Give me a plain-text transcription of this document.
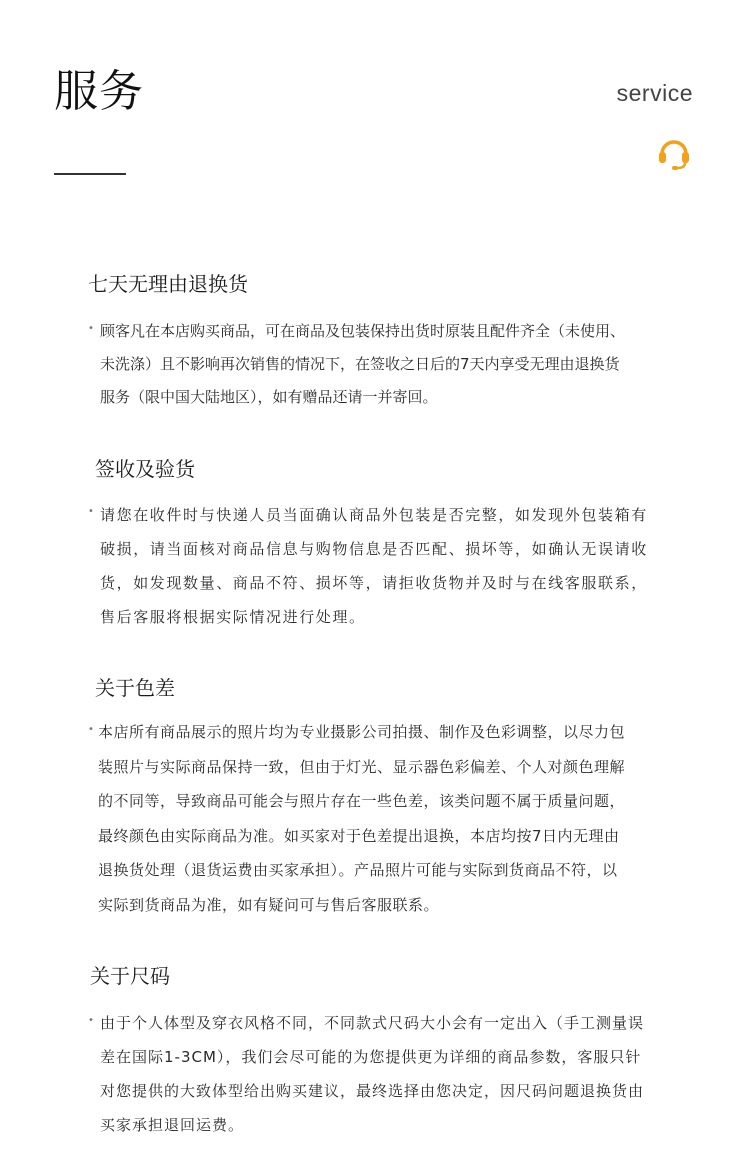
服务	service
七天无理由退换货
• 顾客凡在本店购买商品，可在商品及包装保持出货时原装且配件齐全（未使用、
未洗涤）且不影响再次销售的情况下，在签收之日后的7天内享受无理由退换货
服务（限中国大陆地区），如有赠品还请一并寄回。
签收及验货
• 请您在收件时与快递人员当面确认商品外包装是否完整，如发现外包装箱有
破损，请当面核对商品信息与购物信息是否匹配、损坏等，如确认无误请收
货，如发现数量、商品不符、损坏等，请拒收货物并及时与在线客服联系，
售后客服将根据实际情况进行处理。
关于色差
• 本店所有商品展示的照片均为专业摄影公司拍摄、制作及色彩调整，以尽力包
装照片与实际商品保持一致，但由于灯光、显示器色彩偏差、个人对颜色理解
的不同等，导致商品可能会与照片存在一些色差，该类问题不属于质量问题，
最终颜色由实际商品为准。如买家对于色差提出退换，本店均按7日内无理由
退换货处理（退货运费由买家承担）。产品照片可能与实际到货商品不符，以
实际到货商品为准，如有疑问可与售后客服联系。
关于尺码
• 由于个人体型及穿衣风格不同，不同款式尺码大小会有一定出入（手工测量误
差在国际1-3CM），我们会尽可能的为您提供更为详细的商品参数，客服只针
对您提供的大致体型给出购买建议，最终选择由您决定，因尺码问题退换货由
买家承担退回运费。
